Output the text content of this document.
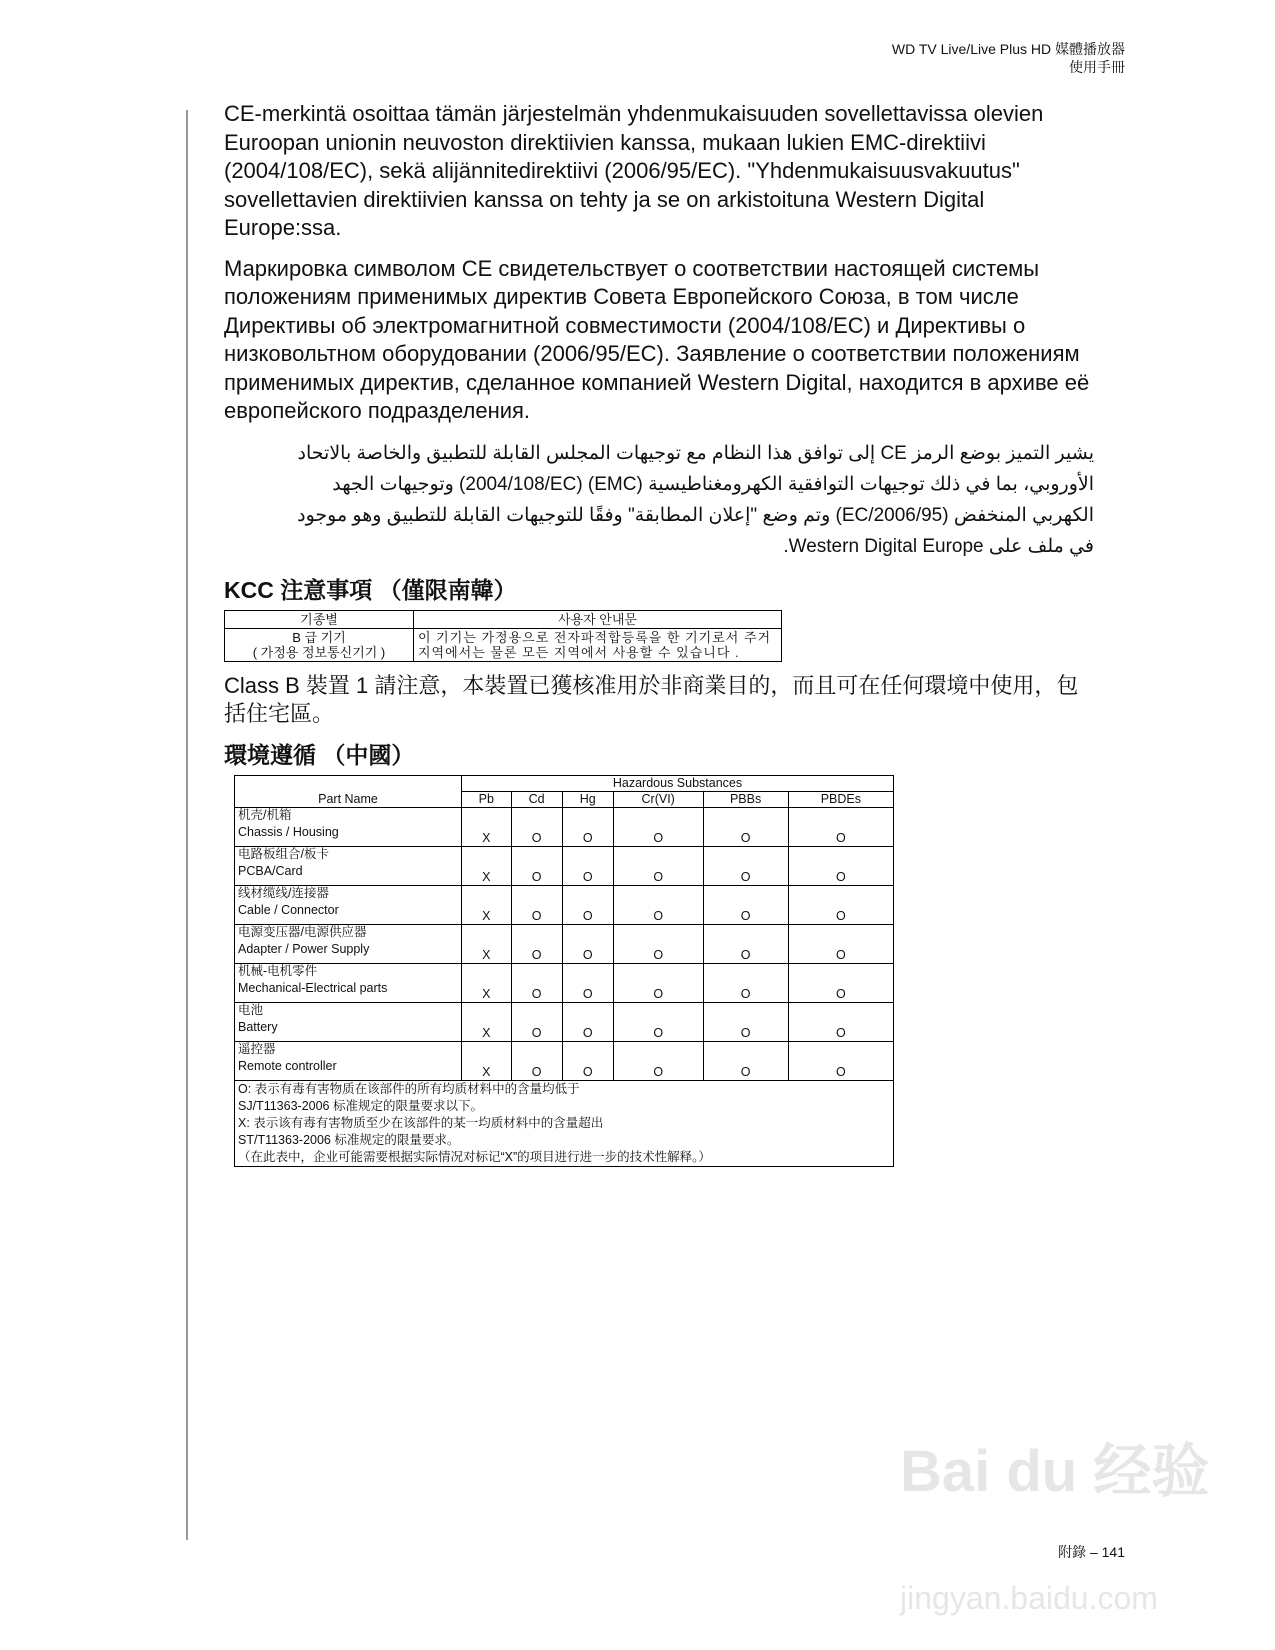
WD TV Live/Live Plus HD 媒體播放器
使用手冊

CE-merkintä osoittaa tämän järjestelmän yhdenmukaisuuden sovellettavissa olevien Euroopan unionin neuvoston direktiivien kanssa, mukaan lukien EMC-direktiivi (2004/108/EC), sekä alijännitedirektiivi (2006/95/EC). "Yhdenmukaisuusvakuutus" sovellettavien direktiivien kanssa on tehty ja se on arkistoituna Western Digital Europe:ssa.

Маркировка символом CE свидетельствует о соответствии настоящей системы положениям применимых директив Совета Европейского Союза, в том числе Директивы об электромагнитной совместимости (2004/108/EC) и Директивы о низковольтном оборудовании (2006/95/EC). Заявление о соответствии положениям применимых директив, сделанное компанией Western Digital, находится в архиве её европейского подразделения.

يشير التميز بوضع الرمز CE إلى توافق هذا النظام مع توجيهات المجلس القابلة للتطبيق والخاصة بالاتحاد الأوروبي، بما في ذلك توجيهات التوافقية الكهرومغناطيسية (EMC) (2004/108/EC) وتوجيهات الجهد الكهربي المنخفض (2006/95/EC) وتم وضع "إعلان المطابقة" وفقًا للتوجيهات القابلة للتطبيق وهو موجود في ملف على Western Digital Europe.

KCC 注意事項 （僅限南韓）
기종별	사용자 안내문

B 급 기기
( 가정용 정보통신기기 )	이 기기는 가정용으로 전자파적합등록을 한 기기로서 주거지역에서는 물론 모든 지역에서 사용할 수 있습니다 .

Class B 裝置 1 請注意，本裝置已獲核准用於非商業目的，而且可在任何環境中使用，包括住宅區。

環境遵循 （中國）
Part Name	Hazardous Substances					
	Pb	Cd	Hg	Cr(VI)	PBBs	PBDEs

机壳/机箱
Chassis / Housing	X	O	O	O	O	O

电路板组合/板卡
PCBA/Card	X	O	O	O	O	O

线材缆线/连接器
Cable / Connector	X	O	O	O	O	O

电源变压器/电源供应器
Adapter / Power Supply	X	O	O	O	O	O

机械-电机零件
Mechanical-Electrical parts	X	O	O	O	O	O

电池
Battery	X	O	O	O	O	O

遥控器
Remote controller	X	O	O	O	O	O

O: 表示有毒有害物质在该部件的所有均质材料中的含量均低于
SJ/T11363-2006 标准规定的限量要求以下。
X: 表示该有毒有害物质至少在该部件的某一均质材料中的含量超出
ST/T11363-2006 标准规定的限量要求。
（在此表中，企业可能需要根据实际情况对标记“X”的项目进行进一步的技术性解释。）						
Bai du 经验
附錄 – 141
jingyan.baidu.com
